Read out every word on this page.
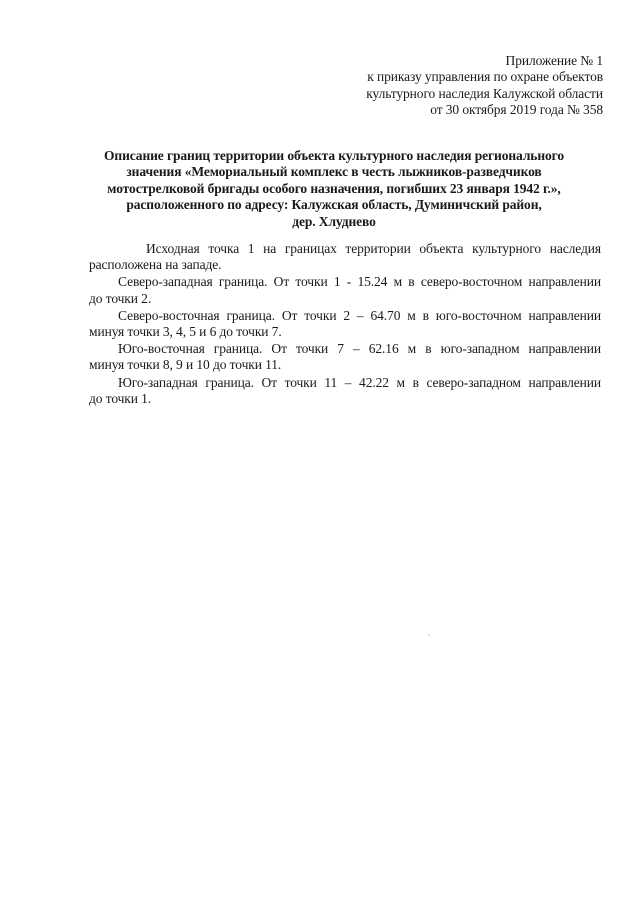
Приложение № 1
к приказу управления по охране объектов
культурного наследия Калужской области
от 30 октября 2019 года № 358
Описание границ территории объекта культурного наследия регионального
значения «Мемориальный комплекс в честь лыжников-разведчиков
мотострелковой бригады особого назначения, погибших 23 января 1942 г.»,
расположенного по адресу: Калужская область, Думиничский район,
дер. Хлуднево
Исходная точка 1 на границах территории объекта культурного наследия
расположена на западе.
Северо-западная граница. От точки 1 - 15.24 м в северо-восточном направлении
до точки 2.
Северо-восточная граница. От точки 2 – 64.70 м в юго-восточном направлении
минуя точки 3, 4, 5 и 6 до точки 7.
Юго-восточная граница. От точки 7 – 62.16 м в юго-западном направлении
минуя точки 8, 9 и 10 до точки 11.
Юго-западная граница. От точки 11 – 42.22 м в северо-западном направлении
до точки 1.
